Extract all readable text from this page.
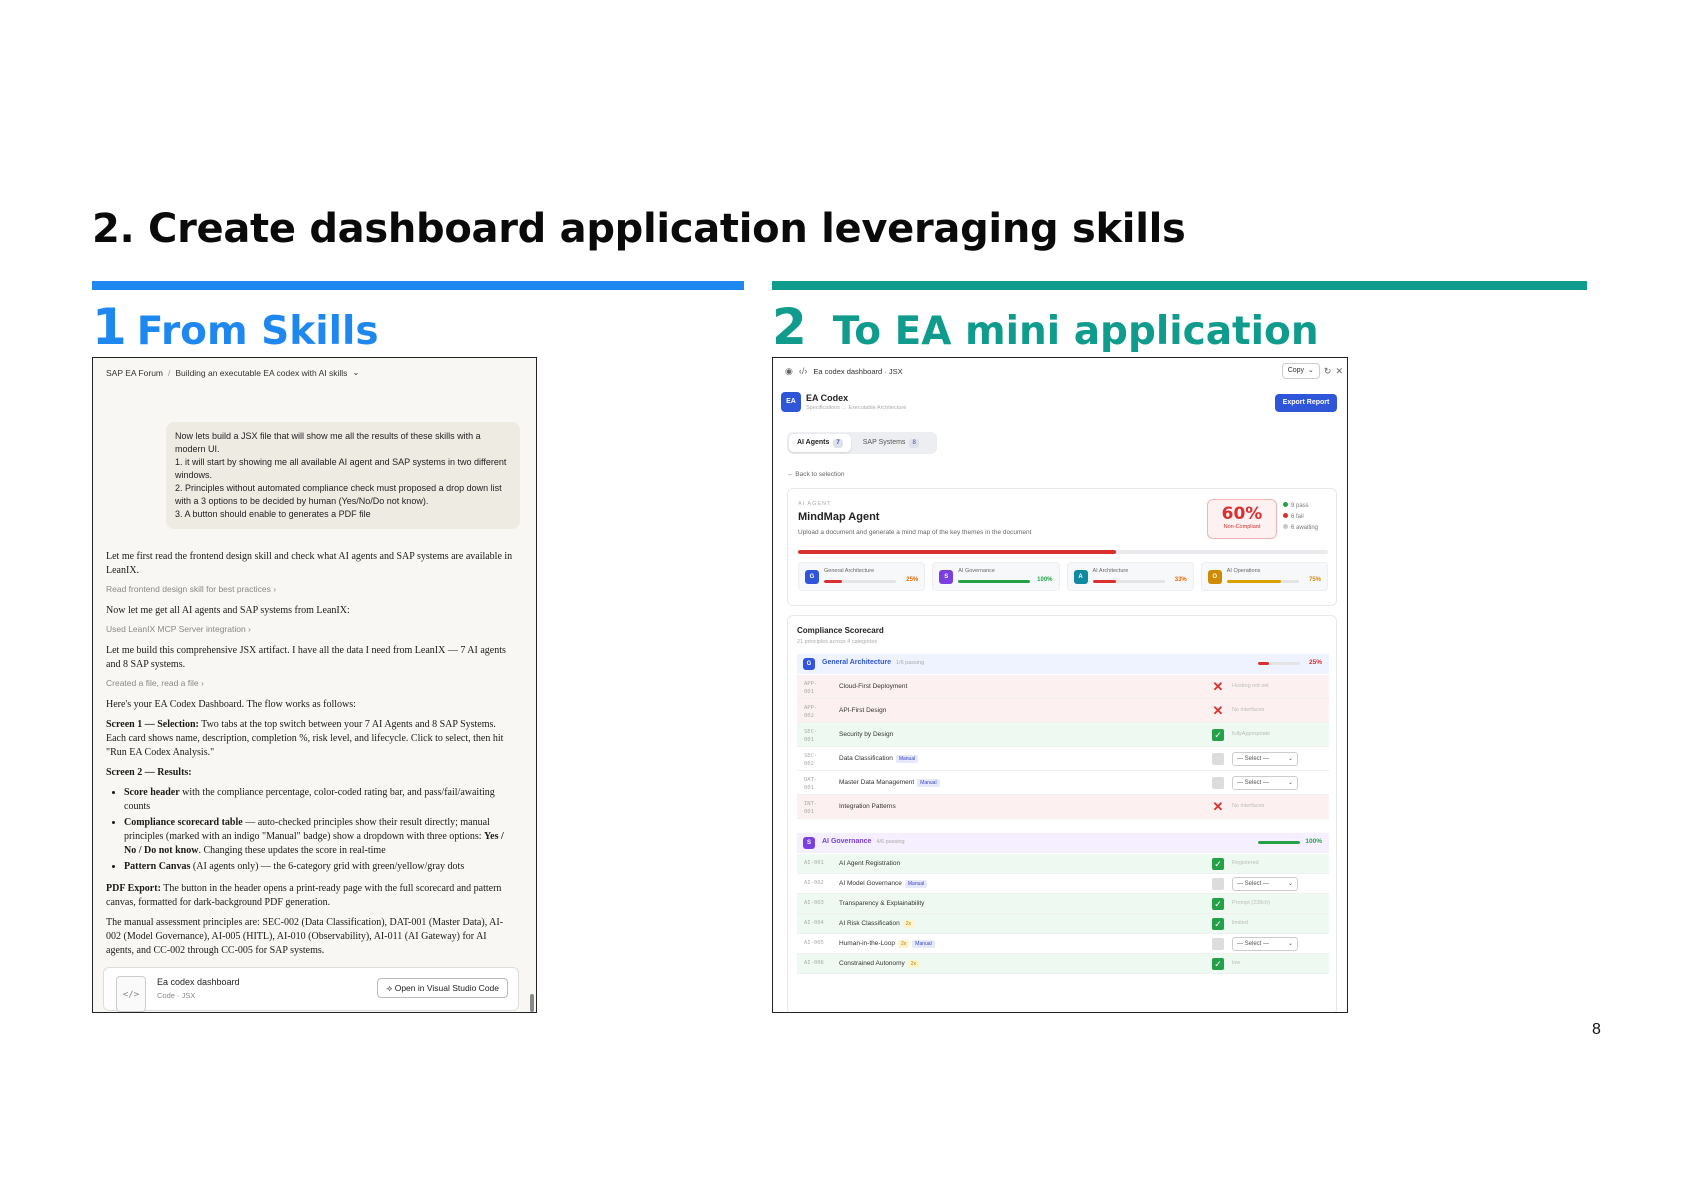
2. Create dashboard application leveraging skills
1 From Skills	2 To EA mini application
SAP EA Forum / Building an executable EA codex with AI skills ⌄
Now lets build a JSX file that will show me all the results of these skills with a modern UI.
1. it will start by showing me all available AI agent and SAP systems in two different windows.
2. Principles without automated compliance check must proposed a drop down list with a 3 options to be decided by human (Yes/No/Do not know).
3. A button should enable to generates a PDF file

Let me first read the frontend design skill and check what AI agents and SAP systems are available in LeanIX.

Read frontend design skill for best practices ›

Now let me get all AI agents and SAP systems from LeanIX:

Used LeanIX MCP Server integration ›

Let me build this comprehensive JSX artifact. I have all the data I need from LeanIX — 7 AI agents and 8 SAP systems.

Created a file, read a file ›

Here's your EA Codex Dashboard. The flow works as follows:

Screen 1 — Selection: Two tabs at the top switch between your 7 AI Agents and 8 SAP Systems. Each card shows name, description, completion %, risk level, and lifecycle. Click to select, then hit "Run EA Codex Analysis."

Screen 2 — Results:

• Score header with the compliance percentage, color-coded rating bar, and pass/fail/awaiting counts
• Compliance scorecard table — auto-checked principles show their result directly; manual principles (marked with an indigo "Manual" badge) show a dropdown with three options: Yes / No / Do not know. Changing these updates the score in real-time
• Pattern Canvas (AI agents only) — the 6-category grid with green/yellow/gray dots

PDF Export: The button in the header opens a print-ready page with the full scorecard and pattern canvas, formatted for dark-background PDF generation.

The manual assessment principles are: SEC-002 (Data Classification), DAT-001 (Master Data), AI-002 (Model Governance), AI-005 (HITL), AI-010 (Observability), AI-011 (AI Gateway) for AI agents, and CC-002 through CC-005 for SAP systems.

</>
Ea codex dashboard
Code · JSX
⟢ Open in Visual Studio Code
◉ ‹/› Ea codex dashboard · JSX	Copy ⌄ ↻ ✕
EA	EA Codex
Specifications → Executable Architecture
Export Report
AI Agents	7	SAP Systems	8
← Back to selection
AI AGENT
MindMap Agent
Upload a document and generate a mind map of the key themes in the document
60%
Non-Compliant
9 pass
6 fail
6 awaiting
G
General Architecture
25%	S
AI Governance
100%	A
AI Architecture
33%	O
AI Operations
75%
Compliance Scorecard
21 principles across 4 categories
G	General Architecture 1/6 passing	25%
APP-
001
Cloud-First Deployment	✕ Hosting not set
APP-
002
API-First Design	✕ No interfaces
SEC-
001
Security by Design	✓	fullyAppropriate
SEC-
002
Data Classification Manual	— Select —	⌄
DAT-
001
Master Data Management Manual	— Select —	⌄
INT-
001
Integration Patterns	✕ No interfaces
S	AI Governance 4/6 passing	100%
AI-001	AI Agent Registration	✓	Registered
AI-002	AI Model Governance Manual	— Select —	⌄
AI-003	Transparency & Explainability	✓	Prompt (238ch)
AI-004	AI Risk Classification 2x	✓	limited
AI-005	Human-in-the-Loop 2x Manual	— Select —	⌄
AI-006	Constrained Autonomy 2x	✓	low
8
